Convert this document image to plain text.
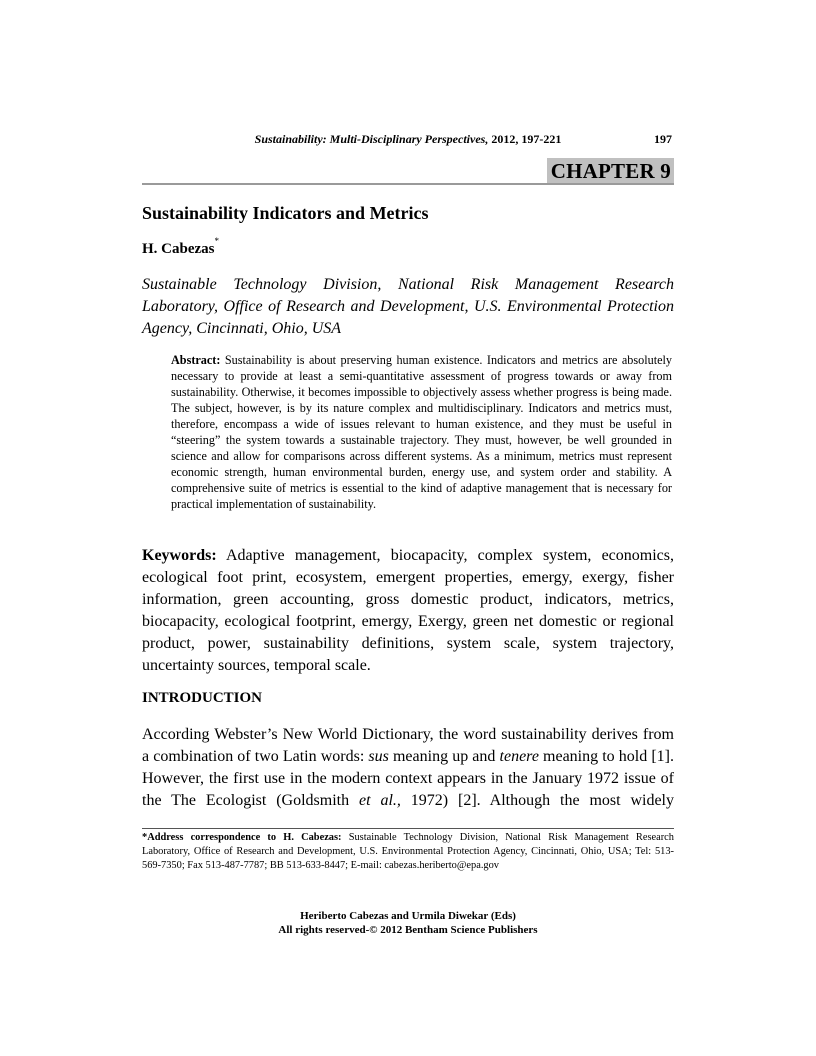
Sustainability: Multi-Disciplinary Perspectives, 2012, 197-221	197
CHAPTER 9
Sustainability Indicators and Metrics
H. Cabezas*
Sustainable Technology Division, National Risk Management Research Laboratory, Office of Research and Development, U.S. Environmental Protection Agency, Cincinnati, Ohio, USA
Abstract: Sustainability is about preserving human existence. Indicators and metrics are absolutely necessary to provide at least a semi-quantitative assessment of progress towards or away from sustainability. Otherwise, it becomes impossible to objectively assess whether progress is being made. The subject, however, is by its nature complex and multidisciplinary. Indicators and metrics must, therefore, encompass a wide of issues relevant to human existence, and they must be useful in “steering” the system towards a sustainable trajectory. They must, however, be well grounded in science and allow for comparisons across different systems. As a minimum, metrics must represent economic strength, human environmental burden, energy use, and system order and stability. A comprehensive suite of metrics is essential to the kind of adaptive management that is necessary for practical implementation of sustainability.
Keywords: Adaptive management, biocapacity, complex system, economics, ecological foot print, ecosystem, emergent properties, emergy, exergy, fisher information, green accounting, gross domestic product, indicators, metrics, biocapacity, ecological footprint, emergy, Exergy, green net domestic or regional product, power, sustainability definitions, system scale, system trajectory, uncertainty sources, temporal scale.
INTRODUCTION
According Webster’s New World Dictionary, the word sustainability derives from a combination of two Latin words: sus meaning up and tenere meaning to hold [1]. However, the first use in the modern context appears in the January 1972 issue of the The Ecologist (Goldsmith et al., 1972) [2]. Although the most widely
*Address correspondence to H. Cabezas: Sustainable Technology Division, National Risk Management Research Laboratory, Office of Research and Development, U.S. Environmental Protection Agency, Cincinnati, Ohio, USA; Tel: 513-569-7350; Fax 513-487-7787; BB 513-633-8447; E-mail: cabezas.heriberto@epa.gov
Heriberto Cabezas and Urmila Diwekar (Eds)
All rights reserved-© 2012 Bentham Science Publishers
